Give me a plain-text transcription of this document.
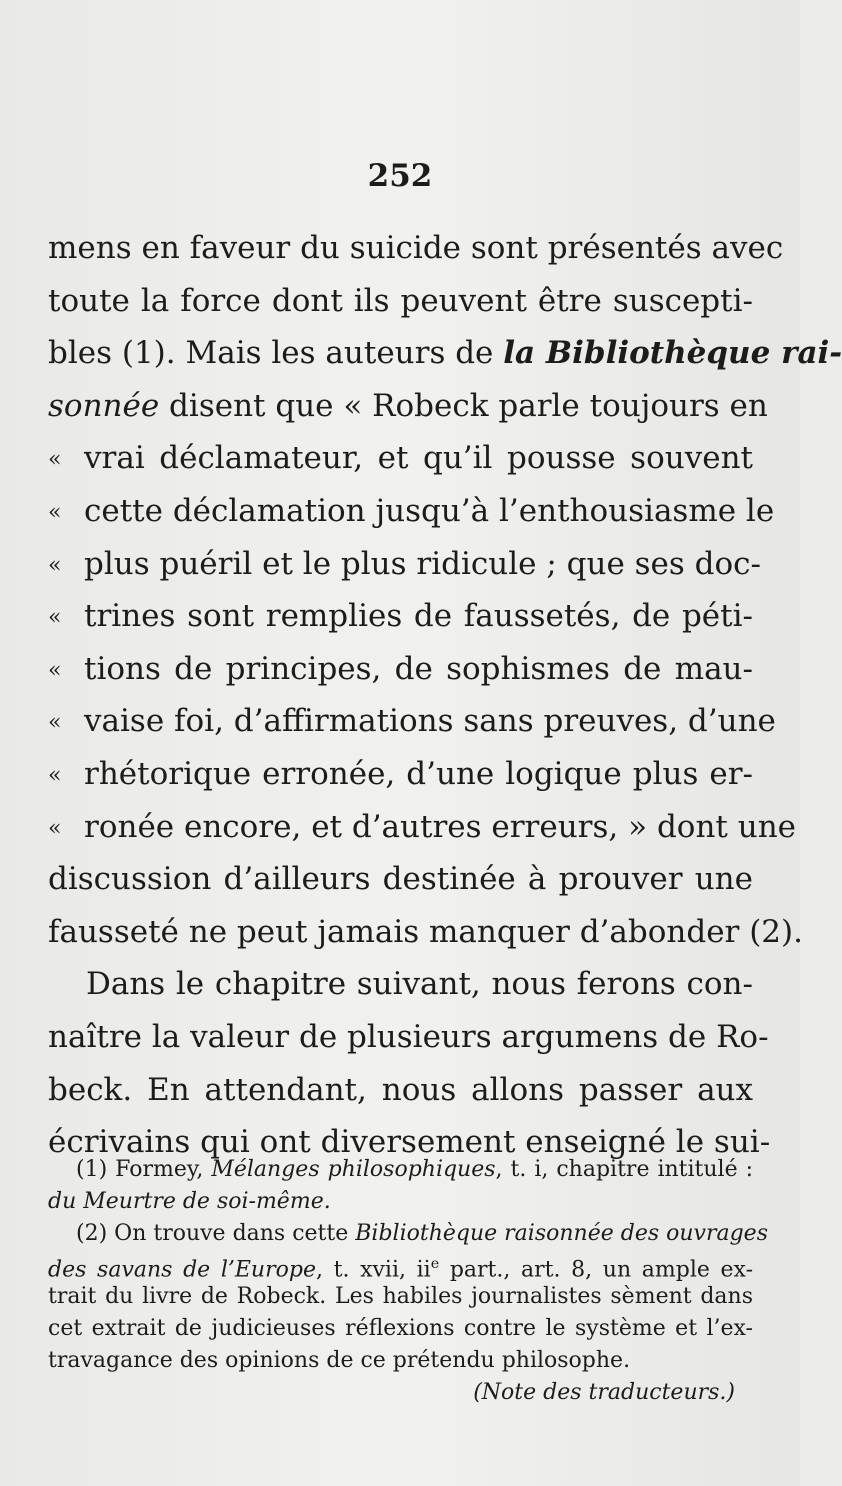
252
mens en faveur du suicide sont présentés avec
toute la force dont ils peuvent être suscepti-
bles (1). Mais les auteurs de la Bibliothèque rai-
sonnée disent que « Robeck parle toujours en
« vrai déclamateur, et qu’il pousse souvent
« cette déclamation jusqu’à l’enthousiasme le
« plus puéril et le plus ridicule ; que ses doc-
« trines sont remplies de faussetés, de péti-
« tions de principes, de sophismes de mau-
« vaise foi, d’affirmations sans preuves, d’une
« rhétorique erronée, d’une logique plus er-
« ronée encore, et d’autres erreurs, » dont une
discussion d’ailleurs destinée à prouver une
fausseté ne peut jamais manquer d’abonder (2).
Dans le chapitre suivant, nous ferons con-
naître la valeur de plusieurs argumens de Ro-
beck. En attendant, nous allons passer aux
écrivains qui ont diversement enseigné le sui-
(1) Formey, Mélanges philosophiques, t. i, chapitre intitulé :
du Meurtre de soi-même.
(2) On trouve dans cette Bibliothèque raisonnée des ouvrages
des savans de l’Europe, t. xvii, $ii^e$ part., art. 8, un ample ex-
trait du livre de Robeck. Les habiles journalistes sèment dans
cet extrait de judicieuses réflexions contre le système et l’ex-
travagance des opinions de ce prétendu philosophe.
(Note des traducteurs.)
